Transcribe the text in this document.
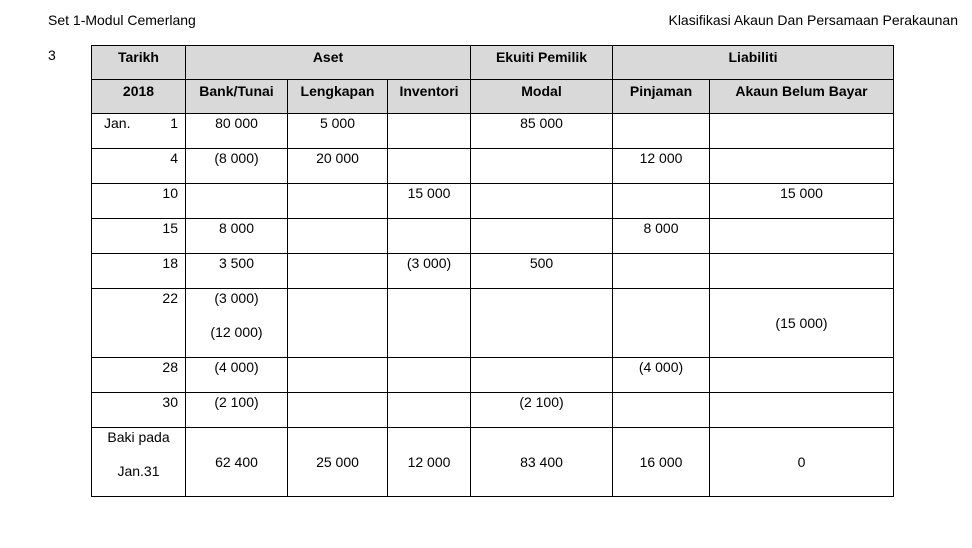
Set 1-Modul Cemerlang	Klasifikasi Akaun Dan Persamaan Perakaunan
3	Tarikh	Aset			Ekuiti Pemilik	Liabiliti	
2018	Bank/Tunai	Lengkapan	Inventori	Modal	Pinjaman	Akaun Belum Bayar

Jan. 1	80 000	5 000		85 000		

4	(8 000)	20 000			12 000	

10			15 000			15 000

15	8 000				8 000	

18	3 500		(3 000)	500		

22	(3 000)
(12 000)					(15 000)

28	(4 000)				(4 000)	

30	(2 100)			(2 100)		

Baki pada
Jan.31	62 400	25 000	12 000	83 400	16 000	0
